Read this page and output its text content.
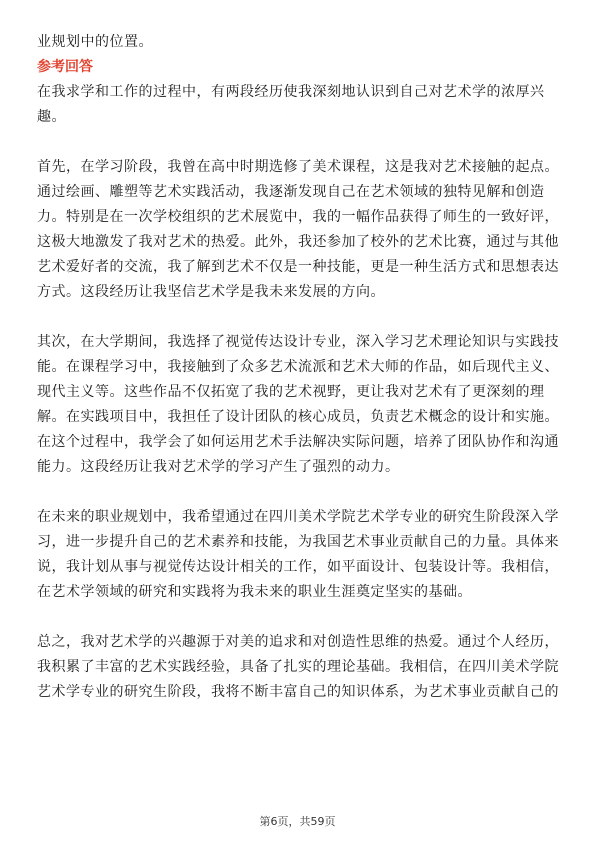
业规划中的位置。
参考回答
在我求学和工作的过程中，有两段经历使我深刻地认识到自己对艺术学的浓厚兴
趣。
首先，在学习阶段，我曾在高中时期选修了美术课程，这是我对艺术接触的起点。
通过绘画、雕塑等艺术实践活动，我逐渐发现自己在艺术领域的独特见解和创造
力。特别是在一次学校组织的艺术展览中，我的一幅作品获得了师生的一致好评，
这极大地激发了我对艺术的热爱。此外，我还参加了校外的艺术比赛，通过与其他
艺术爱好者的交流，我了解到艺术不仅是一种技能，更是一种生活方式和思想表达
方式。这段经历让我坚信艺术学是我未来发展的方向。
其次，在大学期间，我选择了视觉传达设计专业，深入学习艺术理论知识与实践技
能。在课程学习中，我接触到了众多艺术流派和艺术大师的作品，如后现代主义、
现代主义等。这些作品不仅拓宽了我的艺术视野，更让我对艺术有了更深刻的理
解。在实践项目中，我担任了设计团队的核心成员，负责艺术概念的设计和实施。
在这个过程中，我学会了如何运用艺术手法解决实际问题，培养了团队协作和沟通
能力。这段经历让我对艺术学的学习产生了强烈的动力。
在未来的职业规划中，我希望通过在四川美术学院艺术学专业的研究生阶段深入学
习，进一步提升自己的艺术素养和技能，为我国艺术事业贡献自己的力量。具体来
说，我计划从事与视觉传达设计相关的工作，如平面设计、包装设计等。我相信，
在艺术学领域的研究和实践将为我未来的职业生涯奠定坚实的基础。
总之，我对艺术学的兴趣源于对美的追求和对创造性思维的热爱。通过个人经历，
我积累了丰富的艺术实践经验，具备了扎实的理论基础。我相信，在四川美术学院
艺术学专业的研究生阶段，我将不断丰富自己的知识体系，为艺术事业贡献自己的
第6页，共59页
